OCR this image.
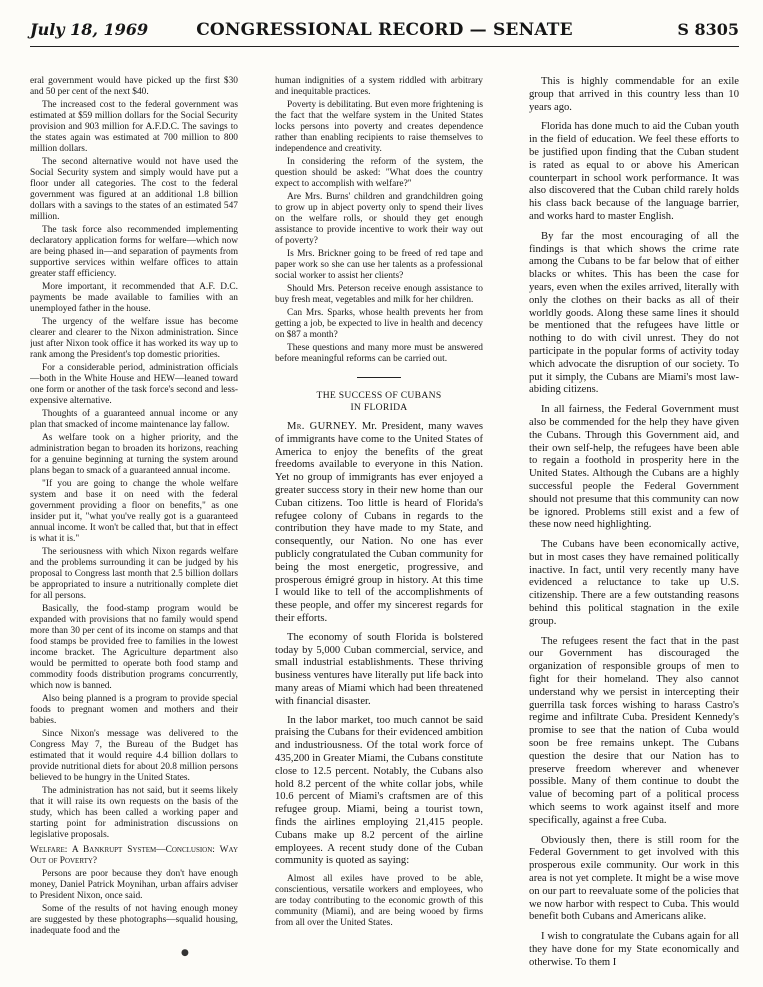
July 18, 1969	CONGRESSIONAL RECORD — SENATE	S 8305

eral government would have picked up the first $30 and 50 per cent of the next $40.

The increased cost to the federal government was estimated at $59 million dollars for the Social Security provision and 903 million for A.F.D.C. The savings to the states again was estimated at 700 million to 800 million dollars.

The second alternative would not have used the Social Security system and simply would have put a floor under all categories. The cost to the federal government was figured at an additional 1.8 billion dollars with a savings to the states of an estimated 547 million.

The task force also recommended implementing declaratory application forms for welfare—which now are being phased in—and separation of payments from supportive services within welfare offices to attain greater staff efficiency.

More important, it recommended that A.F. D.C. payments be made available to families with an unemployed father in the house.

The urgency of the welfare issue has become clearer and clearer to the Nixon administration. Since just after Nixon took office it has worked its way up to rank among the President's top domestic priorities.

For a considerable period, administration officials—both in the White House and HEW—leaned toward one form or another of the task force's second and less-expensive alternative.

Thoughts of a guaranteed annual income or any plan that smacked of income maintenance lay fallow.

As welfare took on a higher priority, and the administration began to broaden its horizons, reaching for a genuine beginning at turning the system around plans began to smack of a guaranteed annual income.

"If you are going to change the whole welfare system and base it on need with the federal government providing a floor on benefits," as one insider put it, "what you've really got is a guaranteed annual income. It won't be called that, but that in effect is what it is."

The seriousness with which Nixon regards welfare and the problems surrounding it can be judged by his proposal to Congress last month that 2.5 billion dollars be appropriated to insure a nutritionally complete diet for all persons.

Basically, the food-stamp program would be expanded with provisions that no family would spend more than 30 per cent of its income on stamps and that food stamps be provided free to families in the lowest income bracket. The Agriculture department also would be permitted to operate both food stamp and commodity foods distribution programs concurrently, which now is banned.

Also being planned is a program to provide special foods to pregnant women and mothers and their babies.

Since Nixon's message was delivered to the Congress May 7, the Bureau of the Budget has estimated that it would require 4.4 billion dollars to provide nutritional diets for about 20.8 million persons believed to be hungry in the United States.

The administration has not said, but it seems likely that it will raise its own requests on the basis of the study, which has been called a working paper and starting point for administration discussions on legislative proposals.

Welfare: A Bankrupt System—Conclusion: Way Out of Poverty?

Persons are poor because they don't have enough money, Daniel Patrick Moynihan, urban affairs adviser to President Nixon, once said.

Some of the results of not having enough money are suggested by these photographs—squalid housing, inadequate food and the

human indignities of a system riddled with arbitrary and inequitable practices.

Poverty is debilitating. But even more frightening is the fact that the welfare system in the United States locks persons into poverty and creates dependence rather than enabling recipients to raise themselves to independence and creativity.

In considering the reform of the system, the question should be asked: "What does the country expect to accomplish with welfare?"

Are Mrs. Burns' children and grandchildren going to grow up in abject poverty only to spend their lives on the welfare rolls, or should they get enough assistance to provide incentive to work their way out of poverty?

Is Mrs. Brickner going to be freed of red tape and paper work so she can use her talents as a professional social worker to assist her clients?

Should Mrs. Peterson receive enough assistance to buy fresh meat, vegetables and milk for her children.

Can Mrs. Sparks, whose health prevents her from getting a job, be expected to live in health and decency on $87 a month?

These questions and many more must be answered before meaningful reforms can be carried out.

THE SUCCESS OF CUBANS
IN FLORIDA

Mr. GURNEY. Mr. President, many waves of immigrants have come to the United States of America to enjoy the benefits of the great freedoms available to everyone in this Nation. Yet no group of immigrants has ever enjoyed a greater success story in their new home than our Cuban citizens. Too little is heard of Florida's refugee colony of Cubans in regards to the contribution they have made to my State, and consequently, our Nation. No one has ever publicly congratulated the Cuban community for being the most energetic, progressive, and prosperous émigré group in history. At this time I would like to tell of the accomplishments of these people, and offer my sincerest regards for their efforts.

The economy of south Florida is bolstered today by 5,000 Cuban commercial, service, and small industrial establishments. These thriving business ventures have literally put life back into many areas of Miami which had been threatened with financial disaster.

In the labor market, too much cannot be said praising the Cubans for their evidenced ambition and industriousness. Of the total work force of 435,200 in Greater Miami, the Cubans constitute close to 12.5 percent. Notably, the Cubans also hold 8.2 percent of the white collar jobs, while 10.6 percent of Miami's craftsmen are of this refugee group. Miami, being a tourist town, finds the airlines employing 21,415 people. Cubans make up 8.2 percent of the airline employees. A recent study done of the Cuban community is quoted as saying:

Almost all exiles have proved to be able, conscientious, versatile workers and employees, who are today contributing to the economic growth of this community (Miami), and are being wooed by firms from all over the United States.

This is highly commendable for an exile group that arrived in this country less than 10 years ago.

Florida has done much to aid the Cuban youth in the field of education. We feel these efforts to be justified upon finding that the Cuban student is rated as equal to or above his American counterpart in school work performance. It was also discovered that the Cuban child rarely holds his class back because of the language barrier, and works hard to master English.

By far the most encouraging of all the findings is that which shows the crime rate among the Cubans to be far below that of either blacks or whites. This has been the case for years, even when the exiles arrived, literally with only the clothes on their backs as all of their worldly goods. Along these same lines it should be mentioned that the refugees have little or nothing to do with civil unrest. They do not participate in the popular forms of activity today which advocate the disruption of our society. To put it simply, the Cubans are Miami's most law-abiding citizens.

In all fairness, the Federal Government must also be commended for the help they have given the Cubans. Through this Government aid, and their own self-help, the refugees have been able to regain a foothold in prosperity here in the United States. Although the Cubans are a highly successful people the Federal Government should not presume that this community can now be ignored. Problems still exist and a few of these now need highlighting.

The Cubans have been economically active, but in most cases they have remained politically inactive. In fact, until very recently many have evidenced a reluctance to take up U.S. citizenship. There are a few outstanding reasons behind this political stagnation in the exile group.

The refugees resent the fact that in the past our Government has discouraged the organization of responsible groups of men to fight for their homeland. They also cannot understand why we persist in intercepting their guerrilla task forces wishing to harass Castro's regime and infiltrate Cuba. President Kennedy's promise to see that the nation of Cuba would soon be free remains unkept. The Cubans question the desire that our Nation has to preserve freedom wherever and whenever possible. Many of them continue to doubt the value of becoming part of a political process which seems to work against itself and more specifically, against a free Cuba.

Obviously then, there is still room for the Federal Government to get involved with this prosperous exile community. Our work in this area is not yet complete. It might be a wise move on our part to reevaluate some of the policies that we now harbor with respect to Cuba. This would benefit both Cubans and Americans alike.

I wish to congratulate the Cubans again for all they have done for my State economically and otherwise. To them I

●
